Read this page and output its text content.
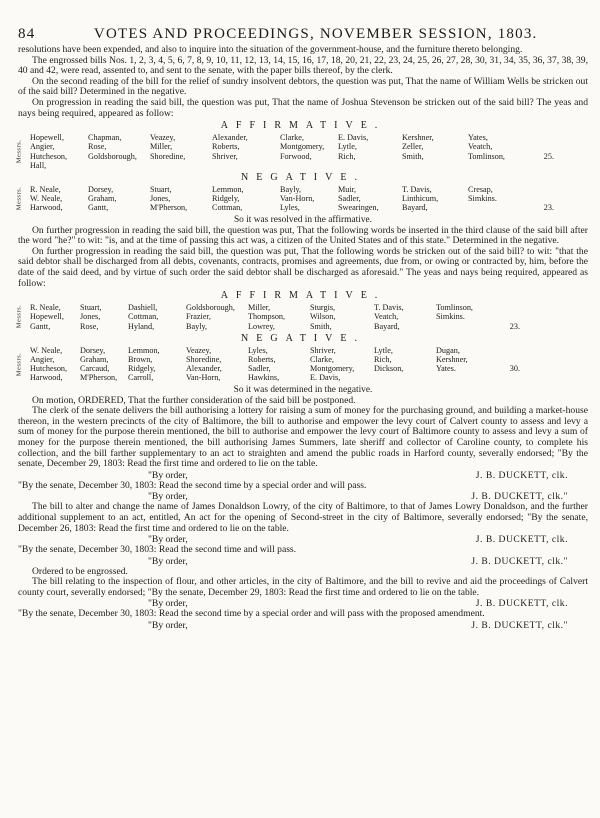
84	VOTES AND PROCEEDINGS, NOVEMBER SESSION, 1803.

resolutions have been expended, and also to inquire into the situation of the government-house, and the furniture thereto belonging.

The engrossed bills Nos. 1, 2, 3, 4, 5, 6, 7, 8, 9, 10, 11, 12, 13, 14, 15, 16, 17, 18, 20, 21, 22, 23, 24, 25, 26, 27, 28, 30, 31, 34, 35, 36, 37, 38, 39, 40 and 42, were read, assented to, and sent to the senate, with the paper bills thereof, by the clerk.

On the second reading of the bill for the relief of sundry insolvent debtors, the question was put, That the name of William Wells be stricken out of the said bill? Determined in the negative.

On progression in reading the said bill, the question was put, That the name of Joshua Stevenson be stricken out of the said bill? The yeas and nays being required, appeared as follow:

AFFIRMATIVE.

Messrs.
Hopewell,	Chapman,	Veazey,	Alexander,	Clarke,	E. Davis,	Kershner,	Yates,
Angier,	Rose,	Miller,	Roberts,	Montgomery,	Lytle,	Zeller,	Veatch,
Hutcheson,	Goldsborough,	Shoredine,	Shriver,	Forwood,	Rich,	Smith,	Tomlinson,	25.
Hall,

NEGATIVE.

Messrs. R. Neale,	Dorsey,	Stuart,	Lemmon,	Bayly,	Muir,	T. Davis,	Cresap,
W. Neale,	Graham,	Jones,	Ridgely,	Van-Horn,	Sadler,	Linthicum,	Simkins.
Harwood,	Gantt,	M'Pherson,	Cottman,	Lyles,	Swearingen,	Bayard,	23.

So it was resolved in the affirmative.

On further progression in reading the said bill, the question was put, That the following words be inserted in the third clause of the said bill after the word "he?" to wit: "is, and at the time of passing this act was, a citizen of the United States and of this state." Determined in the negative.

On further progression in reading the said bill, the question was put, That the following words be stricken out of the said bill? to wit: "that the said debtor shall be discharged from all debts, covenants, contracts, promises and agreements, due from, or owing or contracted by, him, before the date of the said deed, and by virtue of such order the said debtor shall be discharged as aforesaid." The yeas and nays being required, appeared as follow:

AFFIRMATIVE.

Messrs. R. Neale,	Stuart,	Dashiell,	Goldsborough,	Miller,	Sturgis,	T. Davis,	Tomlinson,
Hopewell,	Jones,	Cottman,	Frazier,	Thompson,	Wilson,	Veatch,	Simkins.
Gantt,	Rose,	Hyland,	Bayly,	Lowrey,	Smith,	Bayard,	23.

NEGATIVE.

Messrs.
W. Neale,	Dorsey,	Lemmon,	Veazey,	Lyles,	Shriver,	Lytle,	Dugan,
Angier,	Graham,	Brown,	Shoredine,	Roberts,	Clarke,	Rich,	Kershner,
Hutcheson,	Carcaud,	Ridgely,	Alexander,	Sadler,	Montgomery,	Dickson,	Yates.	30.
Harwood,	M'Pherson,	Carroll,	Van-Horn,	Hawkins,	E. Davis,

So it was determined in the negative.

On motion, ORDERED, That the further consideration of the said bill be postponed.

The clerk of the senate delivers the bill authorising a lottery for raising a sum of money for the purchasing ground, and building a market-house thereon, in the western precincts of the city of Baltimore, the bill to authorise and empower the levy court of Calvert county to assess and levy a sum of money for the purpose therein mentioned, the bill to authorise and empower the levy court of Baltimore county to assess and levy a sum of money for the purpose therein mentioned, the bill authorising James Summers, late sheriff and collector of Caroline county, to complete his collection, and the bill farther supplementary to an act to straighten and amend the public roads in Harford county, severally endorsed; "By the senate, December 29, 1803: Read the first time and ordered to lie on the table.

"By order,	J. B. DUCKETT, clk.

"By the senate, December 30, 1803: Read the second time by a special order and will pass.

"By order,	J. B. DUCKETT, clk."

The bill to alter and change the name of James Donaldson Lowry, of the city of Baltimore, to that of James Lowry Donaldson, and the further additional supplement to an act, entitled, An act for the opening of Second-street in the city of Baltimore, severally endorsed; "By the senate, December 26, 1803: Read the first time and ordered to lie on the table.

"By order,	J. B. DUCKETT, clk.

"By the senate, December 30, 1803: Read the second time and will pass.

"By order,	J. B. DUCKETT, clk."

Ordered to be engrossed.

The bill relating to the inspection of flour, and other articles, in the city of Baltimore, and the bill to revive and aid the proceedings of Calvert county court, severally endorsed; "By the senate, December 29, 1803: Read the first time and ordered to lie on the table.

"By order,	J. B. DUCKETT, clk.

"By the senate, December 30, 1803: Read the second time by a special order and will pass with the proposed amendment.

"By order,	J. B. DUCKETT, clk."
